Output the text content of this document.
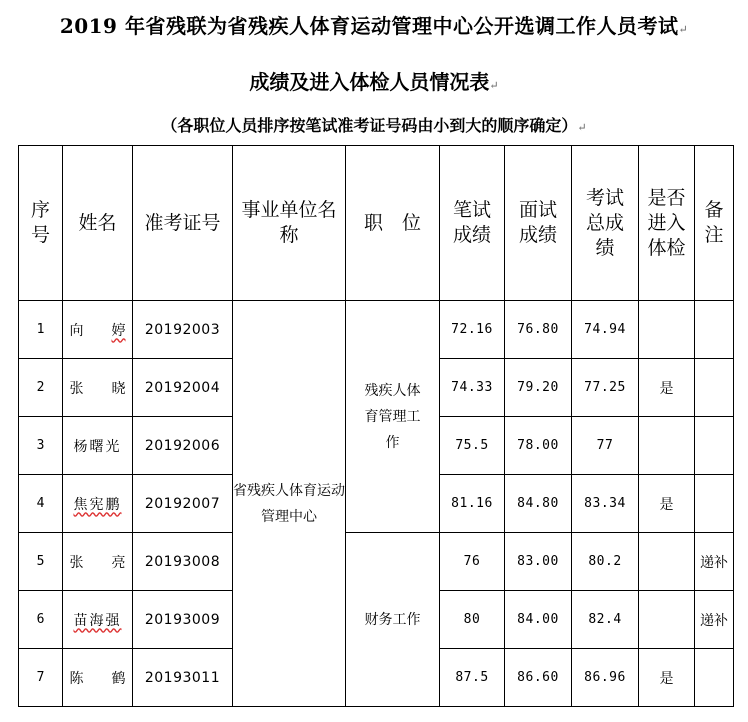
2019 年省残联为省残疾人体育运动管理中心公开选调工作人员考试↵
成绩及进入体检人员情况表↵
（各职位人员排序按笔试准考证号码由小到大的顺序确定）↵
序号	姓名	准考证号	事业单位名称	职　位	笔试成绩	面试成绩	考试总成绩	是否进入体检	备注

1	向 婷	20192003	省残疾人体育运动管理中心	残疾人体育管理工作	72.16	76.80	74.94		
2	张 晓	20192004			74.33	79.20	77.25	是	
3	杨曙光	20192006			75.5	78.00	77		
4	焦宪鹏	20192007			81.16	84.80	83.34	是	
5	张 亮	20193008		财务工作	76	83.00	80.2		递补
6	苗海强	20193009			80	84.00	82.4		递补
7	陈 鹤	20193011			87.5	86.60	86.96	是	
